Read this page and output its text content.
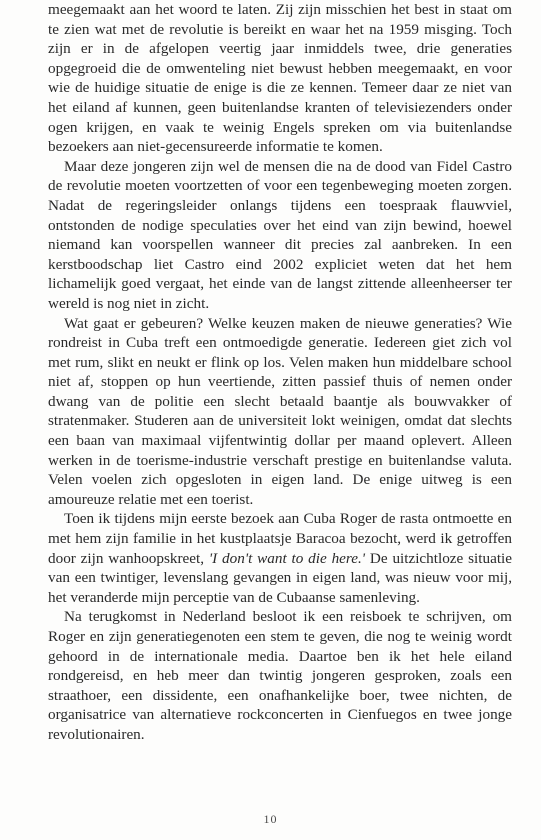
meegemaakt aan het woord te laten. Zij zijn misschien het best in staat om te zien wat met de revolutie is bereikt en waar het na 1959 misging. Toch zijn er in de afgelopen veertig jaar inmiddels twee, drie generaties opgegroeid die de omwenteling niet bewust hebben meegemaakt, en voor wie de huidige situatie de enige is die ze kennen. Temeer daar ze niet van het eiland af kunnen, geen buitenlandse kranten of televisiezenders onder ogen krijgen, en vaak te weinig Engels spreken om via buitenlandse bezoekers aan niet-gecensureerde informatie te komen.

Maar deze jongeren zijn wel de mensen die na de dood van Fidel Castro de revolutie moeten voortzetten of voor een tegenbeweging moeten zorgen. Nadat de regeringsleider onlangs tijdens een toespraak flauwviel, ontstonden de nodige speculaties over het eind van zijn bewind, hoewel niemand kan voorspellen wanneer dit precies zal aanbreken. In een kerstboodschap liet Castro eind 2002 expliciet weten dat het hem lichamelijk goed vergaat, het einde van de langst zittende alleenheerser ter wereld is nog niet in zicht.

Wat gaat er gebeuren? Welke keuzen maken de nieuwe generaties? Wie rondreist in Cuba treft een ontmoedigde generatie. Iedereen giet zich vol met rum, slikt en neukt er flink op los. Velen maken hun middelbare school niet af, stoppen op hun veertiende, zitten passief thuis of nemen onder dwang van de politie een slecht betaald baantje als bouwvakker of stratenmaker. Studeren aan de universiteit lokt weinigen, omdat dat slechts een baan van maximaal vijfentwintig dollar per maand oplevert. Alleen werken in de toerisme-industrie verschaft prestige en buitenlandse valuta. Velen voelen zich opgesloten in eigen land. De enige uitweg is een amoureuze relatie met een toerist.

Toen ik tijdens mijn eerste bezoek aan Cuba Roger de rasta ontmoette en met hem zijn familie in het kustplaatsje Baracoa bezocht, werd ik getroffen door zijn wanhoopskreet, 'I don't want to die here.' De uitzichtloze situatie van een twintiger, levenslang gevangen in eigen land, was nieuw voor mij, het veranderde mijn perceptie van de Cubaanse samenleving.

Na terugkomst in Nederland besloot ik een reisboek te schrijven, om Roger en zijn generatiegenoten een stem te geven, die nog te weinig wordt gehoord in de internationale media. Daartoe ben ik het hele eiland rondgereisd, en heb meer dan twintig jongeren gesproken, zoals een straathoer, een dissidente, een onafhankelijke boer, twee nichten, de organisatrice van alternatieve rockconcerten in Cienfuegos en twee jonge revolutionairen.

10
